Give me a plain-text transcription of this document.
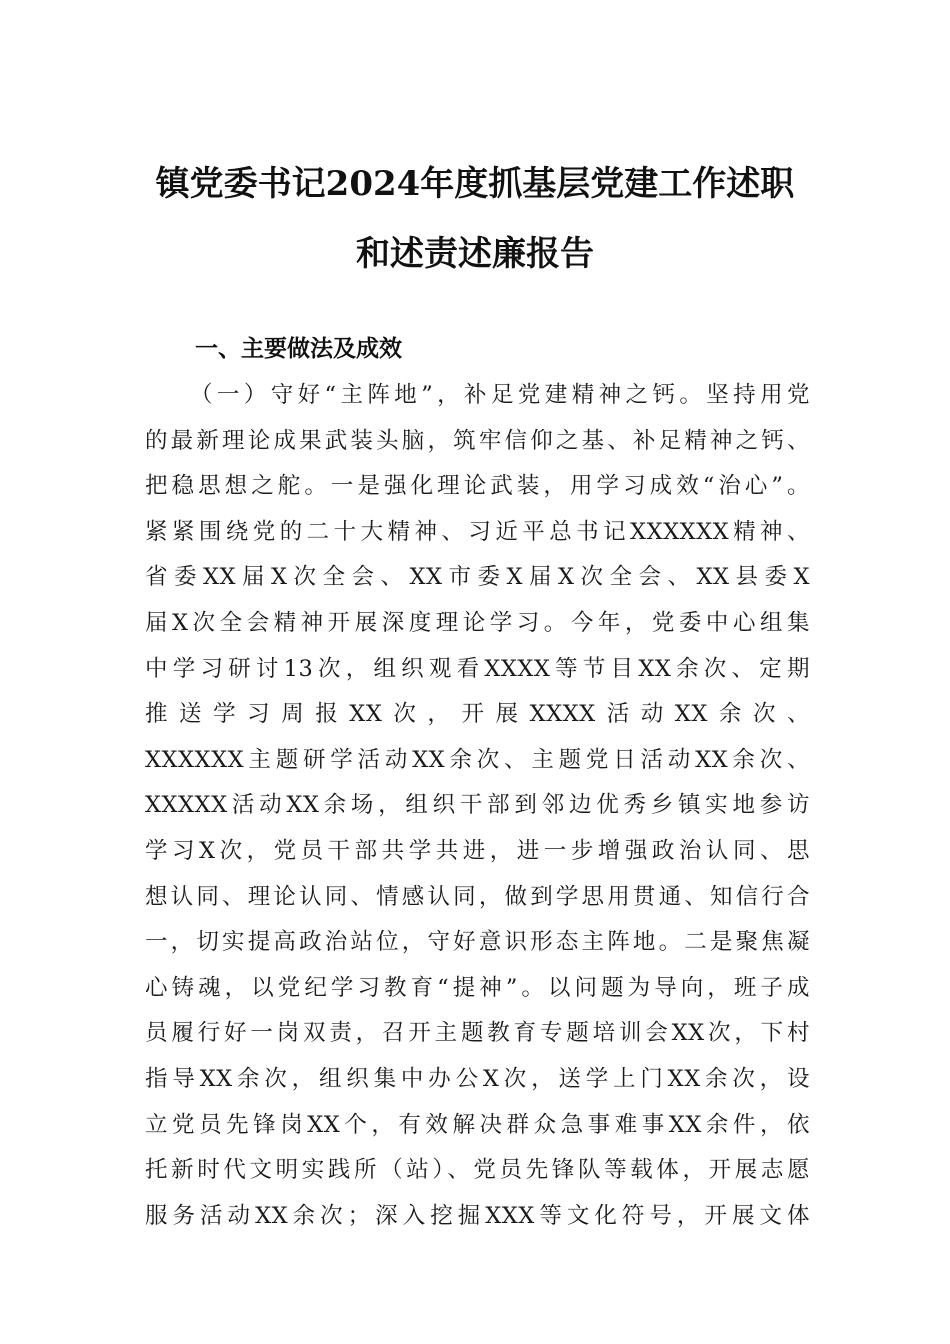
镇党委书记2024年度抓基层党建工作述职
和述责述廉报告
一、主要做法及成效
（一）守好“主阵地”，补足党建精神之钙。坚持用党
的最新理论成果武装头脑，筑牢信仰之基、补足精神之钙、
把稳思想之舵。一是强化理论武装，用学习成效“治心”。
紧紧围绕党的二十大精神、习近平总书记XXXXXX精神、
省委XX届X次全会、XX市委X届X次全会、XX县委X
届X次全会精神开展深度理论学习。今年，党委中心组集
中学习研讨13次，组织观看XXXX等节目XX余次、定期
推送学习周报XX次，开展XXXX活动XX余次、
XXXXXX主题研学活动XX余次、主题党日活动XX余次、
XXXXX活动XX余场，组织干部到邻边优秀乡镇实地参访
学习X次，党员干部共学共进，进一步增强政治认同、思
想认同、理论认同、情感认同，做到学思用贯通、知信行合
一，切实提高政治站位，守好意识形态主阵地。二是聚焦凝
心铸魂，以党纪学习教育“提神”。以问题为导向，班子成
员履行好一岗双责，召开主题教育专题培训会XX次，下村
指导XX余次，组织集中办公X次，送学上门XX余次，设
立党员先锋岗XX个，有效解决群众急事难事XX余件，依
托新时代文明实践所（站）、党员先锋队等载体，开展志愿
服务活动XX余次；深入挖掘XXX等文化符号，开展文体
